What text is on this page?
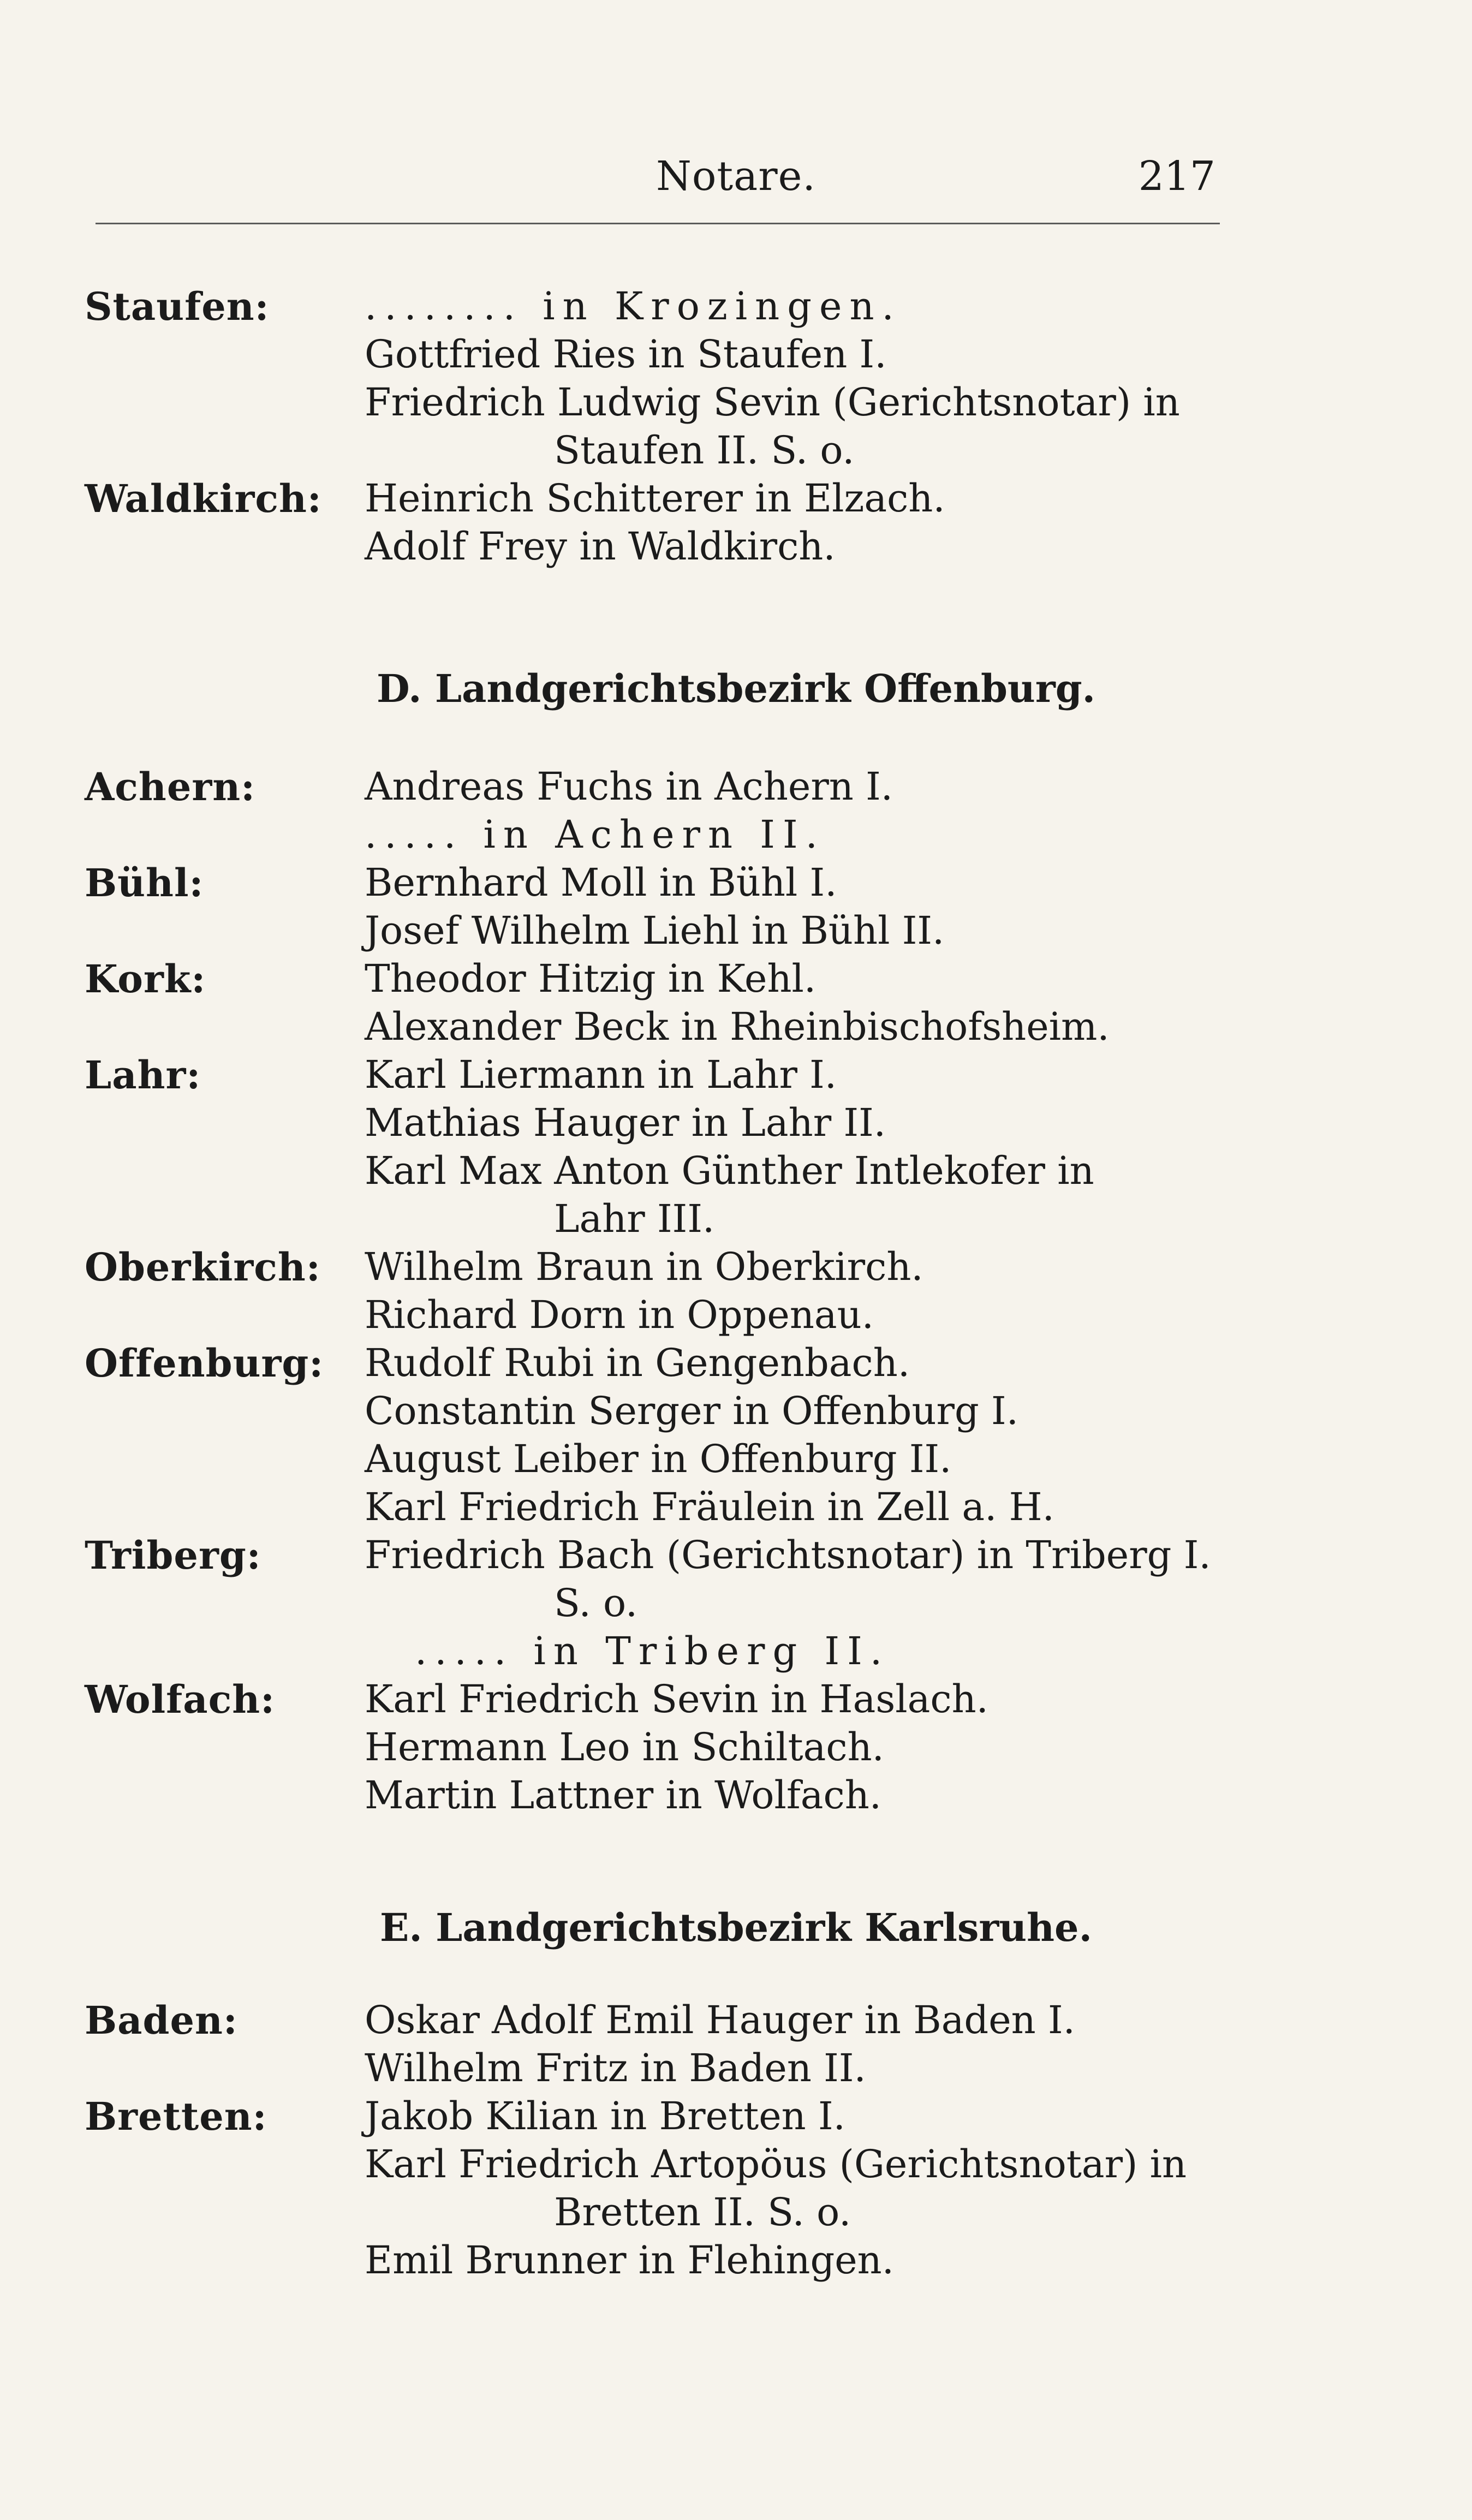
Notare.	217
Staufen: ........ in Krozingen.
Gottfried Ries in Staufen I.
Friedrich Ludwig Sevin (Gerichtsnotar) in
Staufen II. S. o.
Waldkirch: Heinrich Schitterer in Elzach.
Adolf Frey in Waldkirch.
D. Landgerichtsbezirk Offenburg.
Achern:	Andreas Fuchs in Achern I.
..... in Achern II.
Bühl:	Bernhard Moll in Bühl I.
Josef Wilhelm Liehl in Bühl II.
Kork:	Theodor Hitzig in Kehl.
Alexander Beck in Rheinbischofsheim.
Lahr:	Karl Liermann in Lahr I.
Mathias Hauger in Lahr II.
Karl Max Anton Günther Intlekofer in
Lahr III.
Oberkirch: Wilhelm Braun in Oberkirch.
Richard Dorn in Oppenau.
Offenburg: Rudolf Rubi in Gengenbach.
Constantin Serger in Offenburg I.
August Leiber in Offenburg II.
Karl Friedrich Fräulein in Zell a. H.
Triberg:	Friedrich Bach (Gerichtsnotar) in Triberg I.
S. o.
..... in Triberg II.
Wolfach: Karl Friedrich Sevin in Haslach.
Hermann Leo in Schiltach.
Martin Lattner in Wolfach.
E. Landgerichtsbezirk Karlsruhe.
Baden:	Oskar Adolf Emil Hauger in Baden I.
Wilhelm Fritz in Baden II.
Bretten:	Jakob Kilian in Bretten I.
Karl Friedrich Artopöus (Gerichtsnotar) in
Bretten II. S. o.
Emil Brunner in Flehingen.
